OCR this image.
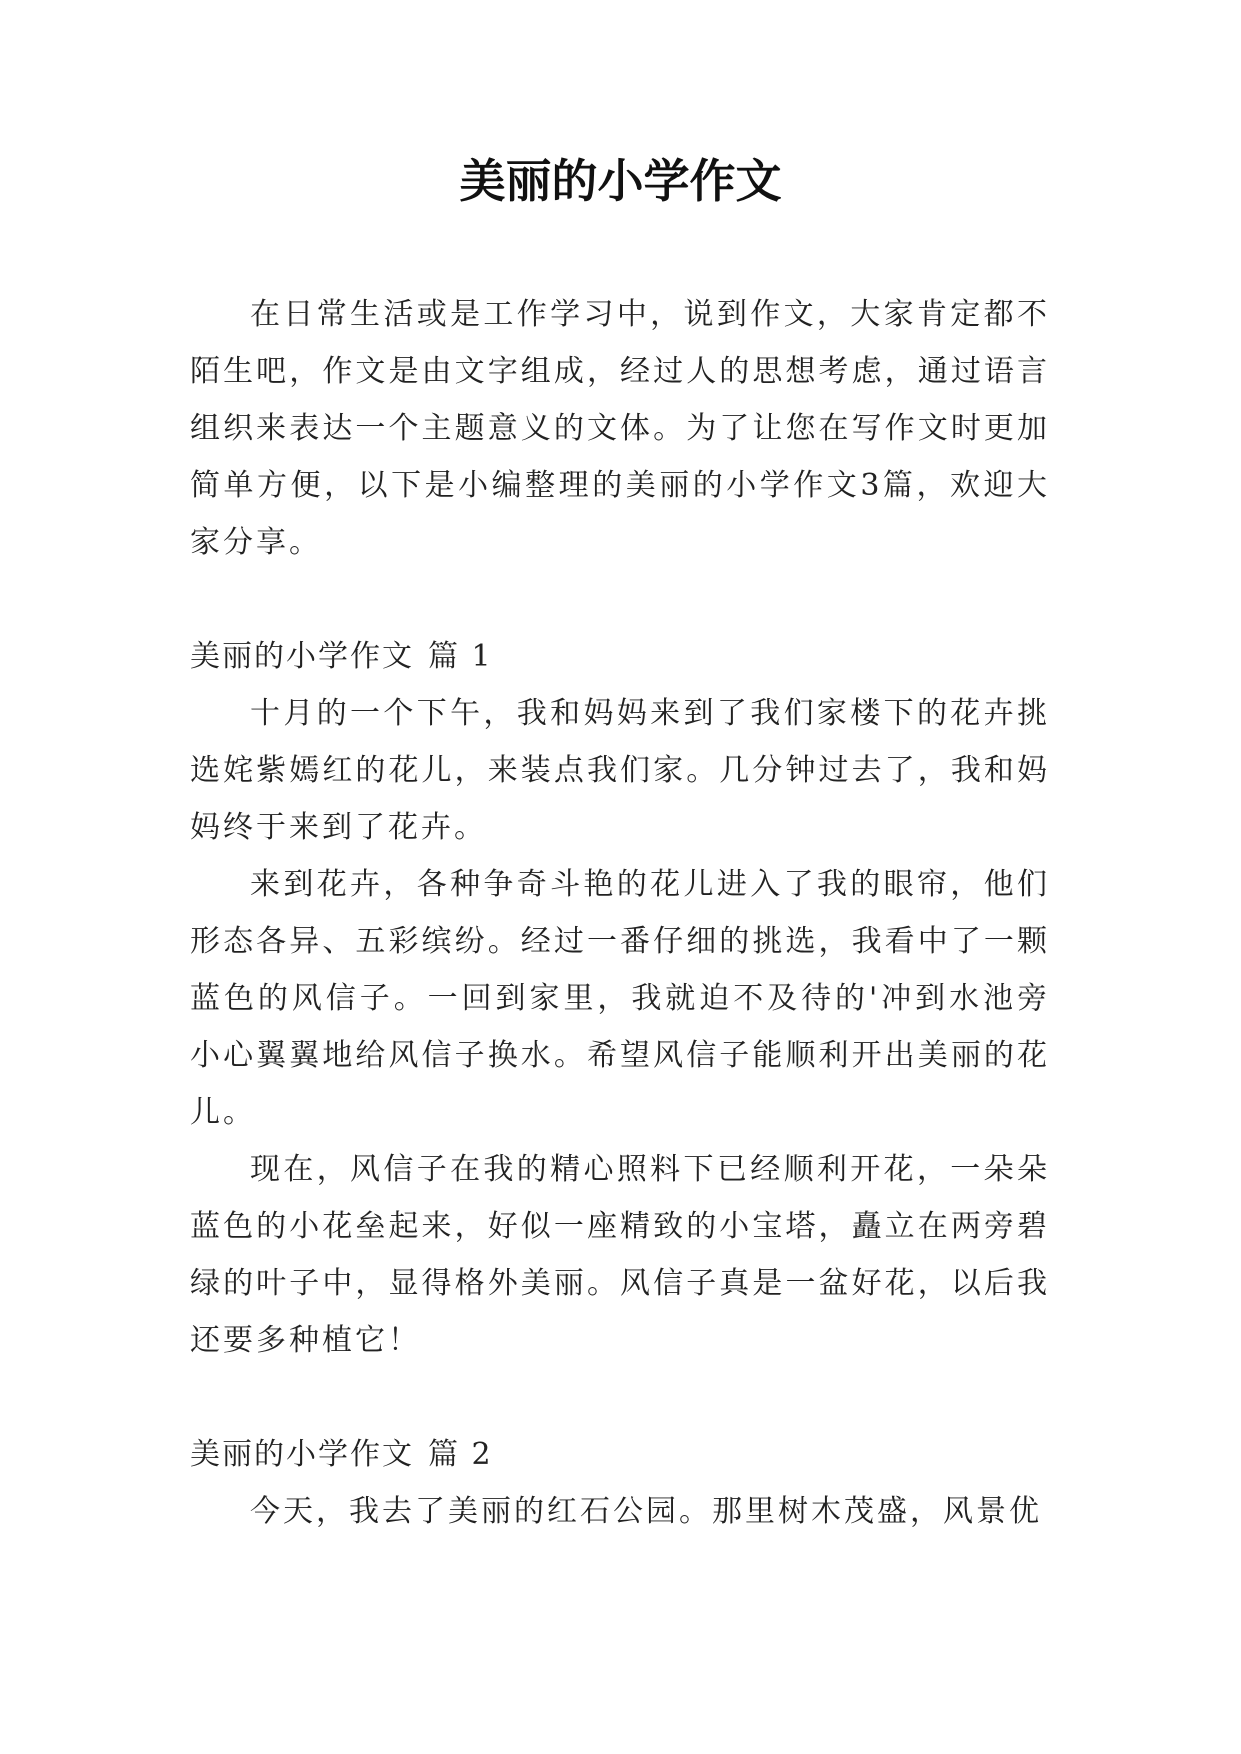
美丽的小学作文

在日常生活或是工作学习中，说到作文，大家肯定都不陌生吧，作文是由文字组成，经过人的思想考虑，通过语言组织来表达一个主题意义的文体。为了让您在写作文时更加简单方便，以下是小编整理的美丽的小学作文3篇，欢迎大家分享。

美丽的小学作文 篇 1

十月的一个下午，我和妈妈来到了我们家楼下的花卉挑选姹紫嫣红的花儿，来装点我们家。几分钟过去了，我和妈妈终于来到了花卉。

来到花卉，各种争奇斗艳的花儿进入了我的眼帘，他们形态各异、五彩缤纷。经过一番仔细的挑选，我看中了一颗蓝色的风信子。一回到家里，我就迫不及待的'冲到水池旁小心翼翼地给风信子换水。希望风信子能顺利开出美丽的花儿。

现在，风信子在我的精心照料下已经顺利开花，一朵朵蓝色的小花垒起来，好似一座精致的小宝塔，矗立在两旁碧绿的叶子中，显得格外美丽。风信子真是一盆好花，以后我还要多种植它！

美丽的小学作文 篇 2

今天，我去了美丽的红石公园。那里树木茂盛，风景优
